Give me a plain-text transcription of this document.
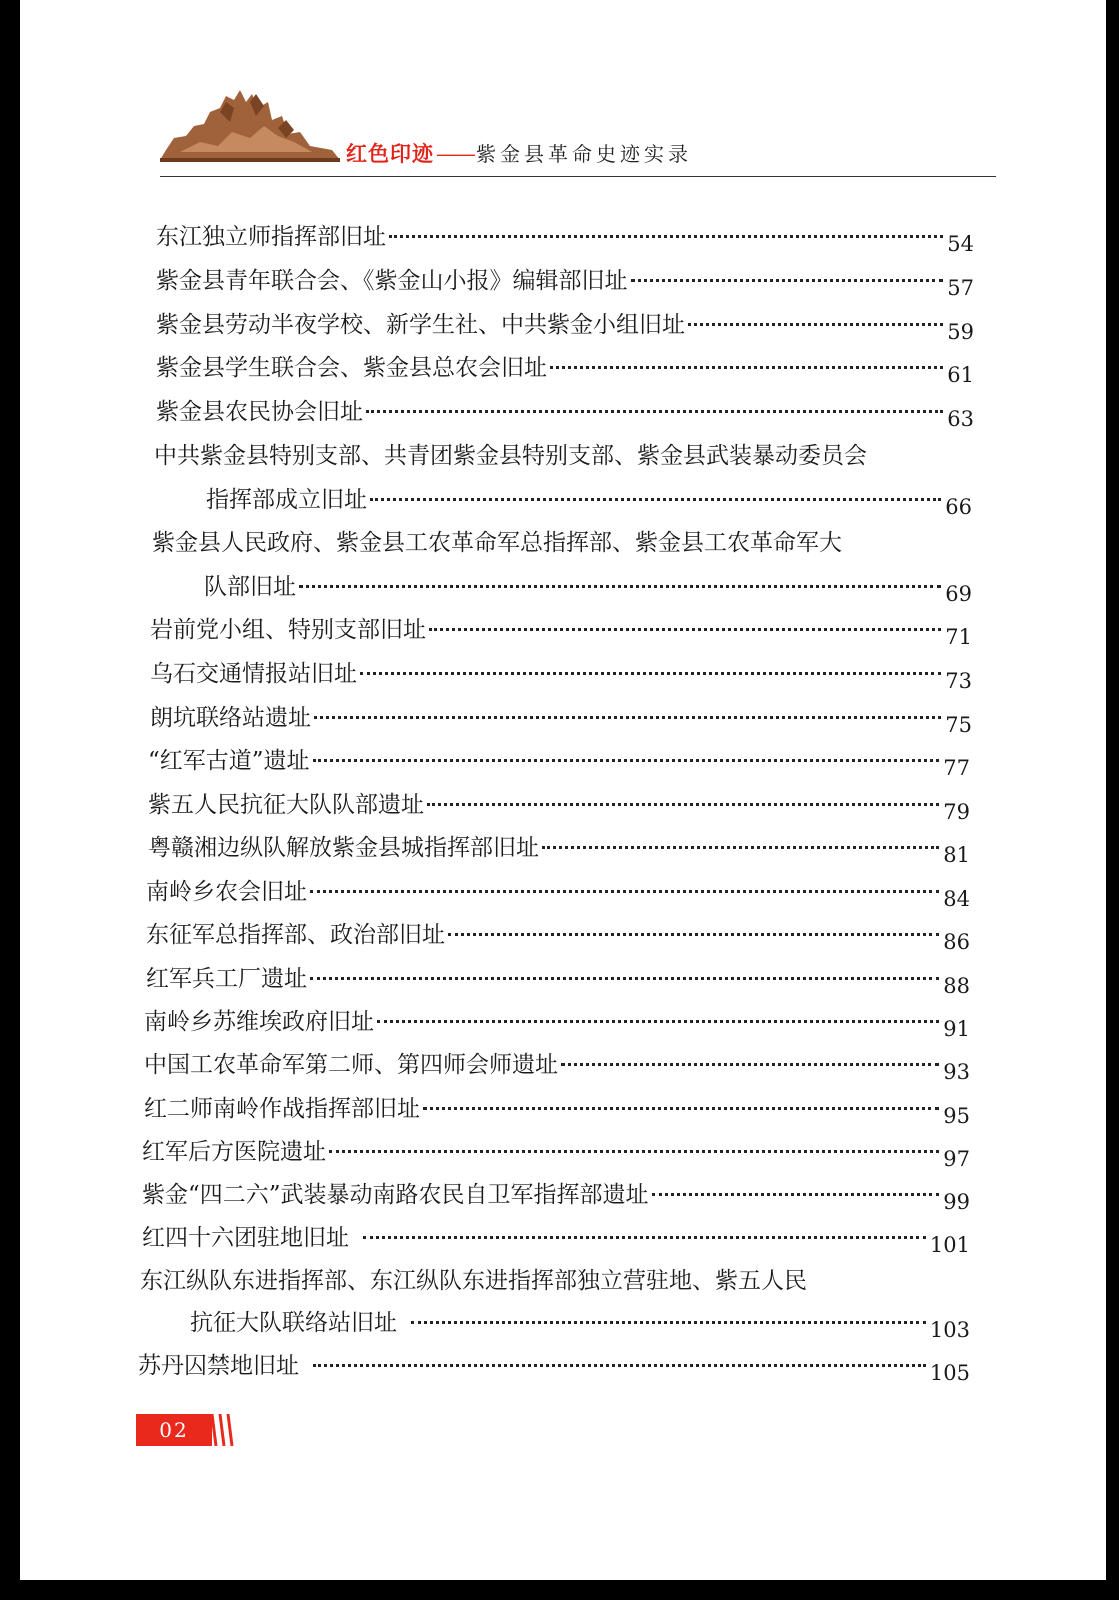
红色印迹 —— 紫金县革命史迹实录
东江独立师指挥部旧址	54
紫金县青年联合会、《紫金山小报》编辑部旧址	57
紫金县劳动半夜学校、新学生社、中共紫金小组旧址	59
紫金县学生联合会、紫金县总农会旧址	61
紫金县农民协会旧址	63
中共紫金县特别支部、共青团紫金县特别支部、紫金县武装暴动委员会
指挥部成立旧址	66
紫金县人民政府、紫金县工农革命军总指挥部、紫金县工农革命军大
队部旧址	69
岩前党小组、特别支部旧址	71
乌石交通情报站旧址	73
朗坑联络站遗址	75
“红军古道”遗址	77
紫五人民抗征大队队部遗址	79
粤赣湘边纵队解放紫金县城指挥部旧址	81
南岭乡农会旧址	84
东征军总指挥部、政治部旧址	86
红军兵工厂遗址	88
南岭乡苏维埃政府旧址	91
中国工农革命军第二师、第四师会师遗址	93
红二师南岭作战指挥部旧址	95
红军后方医院遗址	97
紫金“四二六”武装暴动南路农民自卫军指挥部遗址	99
红四十六团驻地旧址	101
东江纵队东进指挥部、东江纵队东进指挥部独立营驻地、紫五人民
抗征大队联络站旧址	103
苏丹囚禁地旧址	105
02
